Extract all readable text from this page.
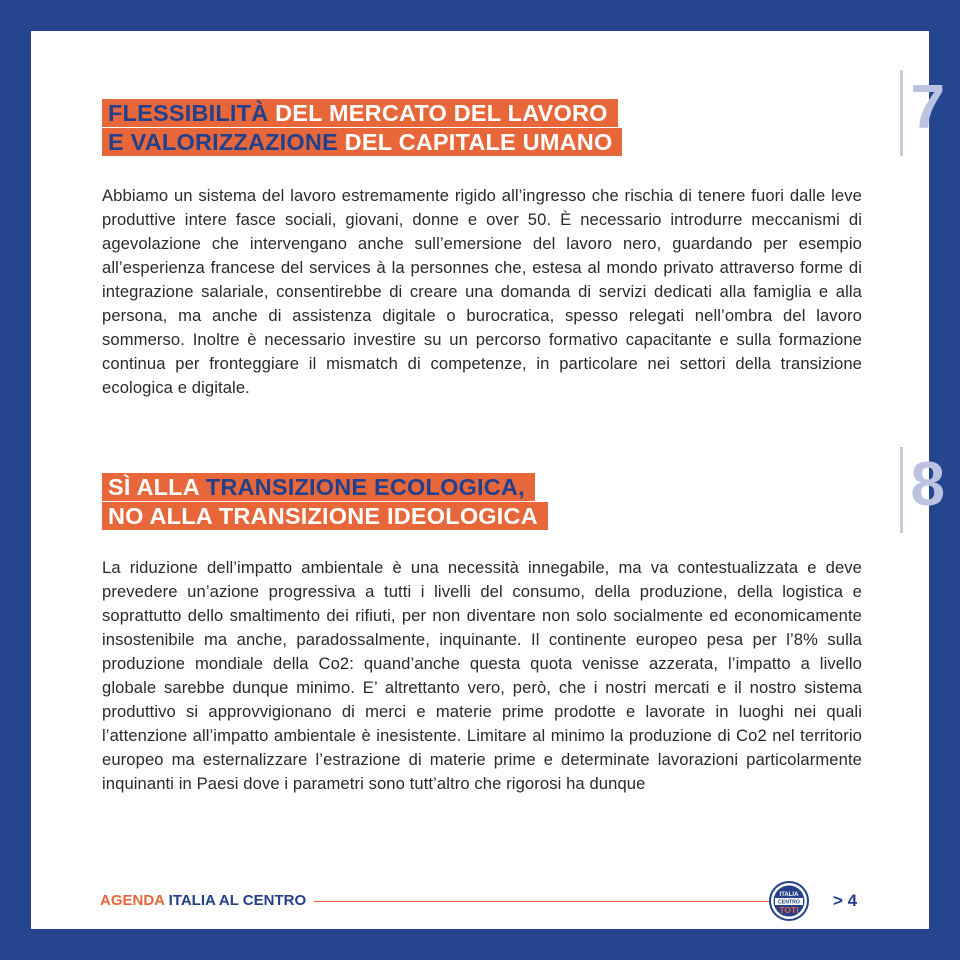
FLESSIBILITÀ DEL MERCATO DEL LAVORO
E VALORIZZAZIONE DEL CAPITALE UMANO	7

Abbiamo un sistema del lavoro estremamente rigido all’ingresso che rischia di tenere fuori dalle leve produttive intere fasce sociali, giovani, donne e over 50. È necessario introdurre meccanismi di agevolazione che intervengano anche sull’emersione del lavoro nero, guardando per esempio all’esperienza francese del services à la personnes che, estesa al mondo privato attraverso forme di integrazione salariale, consentirebbe di creare una domanda di servizi dedicati alla famiglia e alla persona, ma anche di assistenza digitale o burocratica, spesso relegati nell’ombra del lavoro sommerso. Inoltre è necessario investire su un percorso formativo capacitante e sulla formazione continua per fronteggiare il mismatch di competenze, in particolare nei settori della transizione ecologica e digitale.

SÌ ALLA TRANSIZIONE ECOLOGICA,
NO ALLA TRANSIZIONE IDEOLOGICA	8

La riduzione dell’impatto ambientale è una necessità innegabile, ma va contestualizzata e deve prevedere un’azione progressiva a tutti i livelli del consumo, della produzione, della logistica e soprattutto dello smaltimento dei rifiuti, per non diventare non solo socialmente ed economicamente insostenibile ma anche, paradossalmente, inquinante. Il continente europeo pesa per l’8% sulla produzione mondiale della Co2: quand’anche questa quota venisse azzerata, l’impatto a livello globale sarebbe dunque minimo. E’ altrettanto vero, però, che i nostri mercati e il nostro sistema produttivo si approvvigionano di merci e materie prime prodotte e lavorate in luoghi nei quali l’attenzione all’impatto ambientale è inesistente. Limitare al minimo la produzione di Co2 nel territorio europeo ma esternalizzare l’estrazione di materie prime e determinate lavorazioni particolarmente inquinanti in Paesi dove i parametri sono tutt’altro che rigorosi ha dunque

AGENDA ITALIA AL CENTRO	ITALIA
CENTRO
TOTI > 4
